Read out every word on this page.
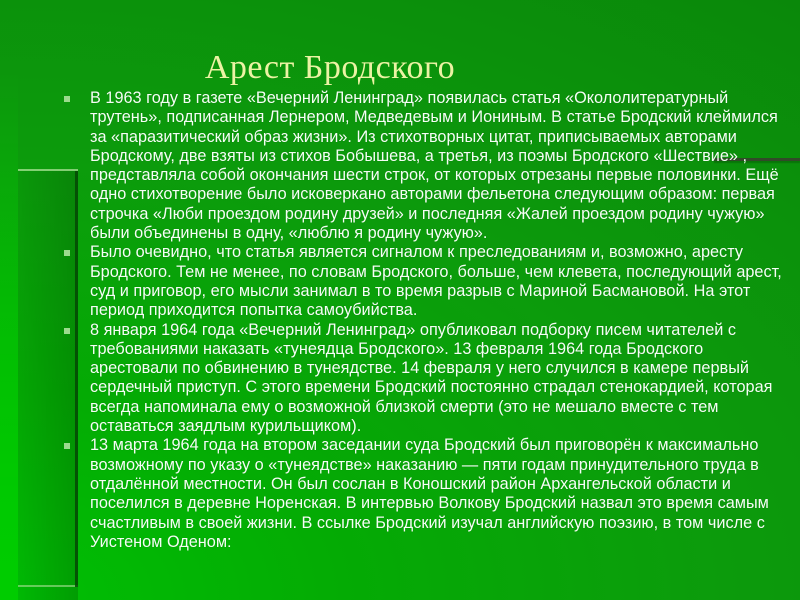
Арест Бродского
В 1963 году в газете «Вечерний Ленинград» появилась статья «Окололитературный трутень», подписанная Лернером, Медведевым и Иониным. В статье Бродский клеймился за «паразитический образ жизни». Из стихотворных цитат, приписываемых авторами Бродскому, две взяты из стихов Бобышева, а третья, из поэмы Бродского «Шествие» , представляла собой окончания шести строк, от которых отрезаны первые половинки. Ещё одно стихотворение было исковеркано авторами фельетона следующим образом: первая строчка «Люби проездом родину друзей» и последняя «Жалей проездом родину чужую» были объединены в одну, «люблю я родину чужую».
Было очевидно, что статья является сигналом к преследованиям и, возможно, аресту Бродского. Тем не менее, по словам Бродского, больше, чем клевета, последующий арест, суд и приговор, его мысли занимал в то время разрыв с Мариной Басмановой. На этот период приходится попытка самоубийства.
8 января 1964 года «Вечерний Ленинград» опубликовал подборку писем читателей с требованиями наказать «тунеядца Бродского». 13 февраля 1964 года Бродского арестовали по обвинению в тунеядстве. 14 февраля у него случился в камере первый сердечный приступ. С этого времени Бродский постоянно страдал стенокардией, которая всегда напоминала ему о возможной близкой смерти (это не мешало вместе с тем оставаться заядлым курильщиком).
13 марта 1964 года на втором заседании суда Бродский был приговорён к максимально возможному по указу о «тунеядстве» наказанию — пяти годам принудительного труда в отдалённой местности. Он был сослан в Коношский район Архангельской области и поселился в деревне Норенская. В интервью Волкову Бродский назвал это время самым счастливым в своей жизни. В ссылке Бродский изучал английскую поэзию, в том числе с Уистеном Оденом:
